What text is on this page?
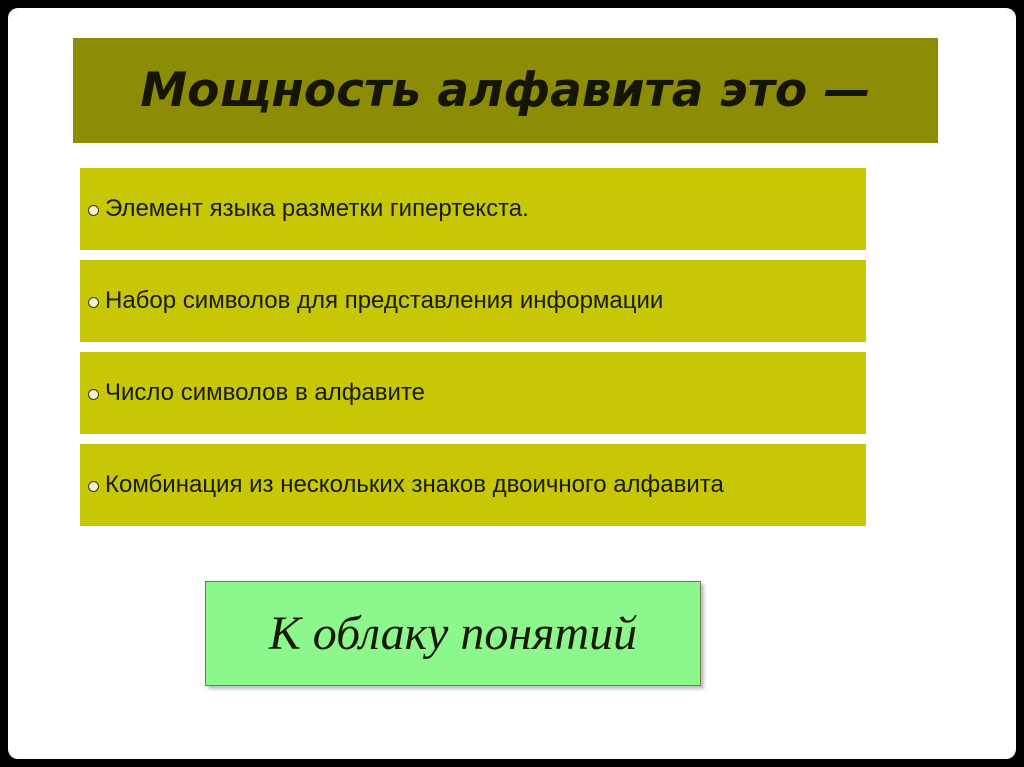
Мощность алфавита это —
Элемент языка разметки гипертекста.
Набор символов для представления информации
Число символов в алфавите
Комбинация из нескольких знаков двоичного алфавита
К облаку понятий
